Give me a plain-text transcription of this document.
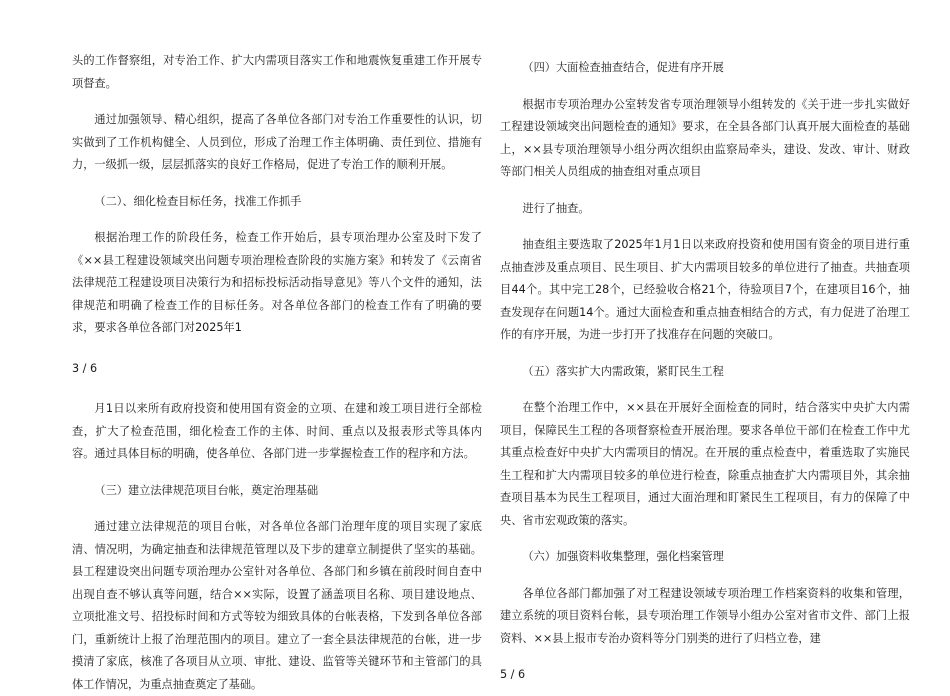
头的工作督察组，对专治工作、扩大内需项目落实工作和地震恢复重建工作开展专项督查。

通过加强领导、精心组织，提高了各单位各部门对专治工作重要性的认识，切实做到了工作机构健全、人员到位，形成了治理工作主体明确、责任到位、措施有力，一级抓一级，层层抓落实的良好工作格局，促进了专治工作的顺利开展。

（二）、细化检查目标任务，找准工作抓手

根据治理工作的阶段任务，检查工作开始后，县专项治理办公室及时下发了《××县工程建设领域突出问题专项治理检查阶段的实施方案》和转发了《云南省法律规范工程建设项目决策行为和招标投标活动指导意见》等八个文件的通知，法律规范和明确了检查工作的目标任务。对各单位各部门的检查工作有了明确的要求，要求各单位各部门对2025年1

3 / 6

月1日以来所有政府投资和使用国有资金的立项、在建和竣工项目进行全部检查，扩大了检查范围，细化检查工作的主体、时间、重点以及报表形式等具体内容。通过具体目标的明确，使各单位、各部门进一步掌握检查工作的程序和方法。

（三）建立法律规范项目台帐，奠定治理基础

通过建立法律规范的项目台帐，对各单位各部门治理年度的项目实现了家底清、情况明，为确定抽查和法律规范管理以及下步的建章立制提供了坚实的基础。县工程建设突出问题专项治理办公室针对各单位、各部门和乡镇在前段时间自查中出现自查不够认真等问题，结合××实际，设置了涵盖项目名称、项目建设地点、立项批准文号、招投标时间和方式等较为细致具体的台帐表格，下发到各单位各部门，重新统计上报了治理范围内的项目。建立了一套全县法律规范的台帐，进一步摸清了家底，核准了各项目从立项、审批、建设、监管等关键环节和主管部门的具体工作情况，为重点抽查奠定了基础。

（四）大面检查抽查结合，促进有序开展

根据市专项治理办公室转发省专项治理领导小组转发的《关于进一步扎实做好工程建设领域突出问题检查的通知》要求，在全县各部门认真开展大面检查的基础上，××县专项治理领导小组分两次组织由监察局牵头，建设、发改、审计、财政等部门相关人员组成的抽查组对重点项目

进行了抽查。

抽查组主要选取了2025年1月1日以来政府投资和使用国有资金的项目进行重点抽查涉及重点项目、民生项目、扩大内需项目较多的单位进行了抽查。共抽查项目44个。其中完工28个，已经验收合格21个，待验项目7个，在建项目16个，抽查发现存在问题14个。通过大面检查和重点抽查相结合的方式，有力促进了治理工作的有序开展，为进一步打开了找准存在问题的突破口。

（五）落实扩大内需政策，紧盯民生工程

在整个治理工作中，××县在开展好全面检查的同时，结合落实中央扩大内需项目，保障民生工程的各项督察检查开展治理。要求各单位干部们在检查工作中尤其重点检查好中央扩大内需项目的情况。在开展的重点检查中，着重选取了实施民生工程和扩大内需项目较多的单位进行检查，除重点抽查扩大内需项目外，其余抽查项目基本为民生工程项目，通过大面治理和盯紧民生工程项目，有力的保障了中央、省市宏观政策的落实。

（六）加强资料收集整理，强化档案管理

各单位各部门都加强了对工程建设领域专项治理工作档案资料的收集和管理，建立系统的项目资料台帐，县专项治理工作领导小组办公室对省市文件、部门上报资料、××县上报市专治办资料等分门别类的进行了归档立卷，建

5 / 6
